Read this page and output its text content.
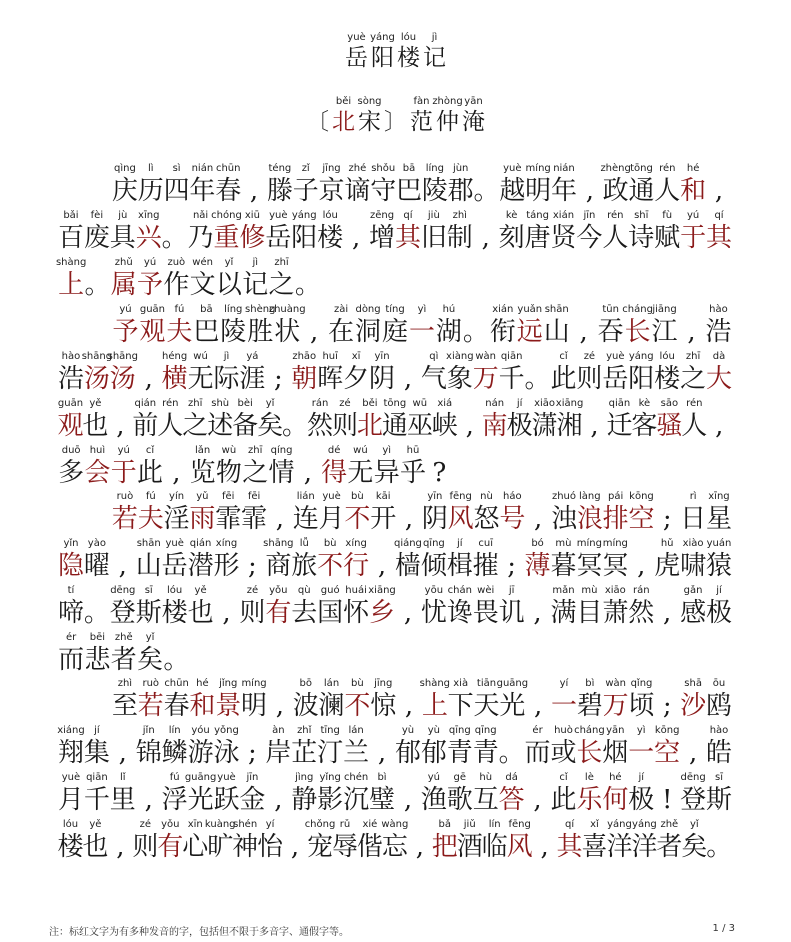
yuè
岳
yáng
阳
lóu
楼
jì
记
〔
běi
北
sòng
宋 〕
fàn
范
zhòng
仲
yān
淹
qìng
庆
lì
历
sì
四
nián
年
chūn
春 ,
téng
滕
zǐ
子
jīng
京
zhé
谪
shǒu
守
bā
巴
líng
陵
jùn
郡 。
yuè
越
míng
明
nián
年 ,
zhèng
政
tōng
通
rén
人
hé
和 ,
bǎi
百
fèi
废
jù
具
xīng
兴 。
nǎi
乃
chóng
重
xiū
修
yuè
岳
yáng
阳
lóu
楼 ,
zēng
增
qí
其
jiù
旧
zhì
制 ,
kè
刻
táng
唐
xián
贤
jīn
今
rén
人
shī
诗
fù
赋
yú
于
qí
其
shàng
上 。
zhǔ
属
yú
予
zuò
作
wén
文
yǐ
以
jì
记
zhī
之 。
yú
予
guān
观
fú
夫
bā
巴
líng
陵
shèng
胜
zhuàng
状 ,
zài
在
dòng
洞
tíng
庭
yì
一
hú
湖 。
xián
衔
yuǎn
远
shān
山 ,
tūn
吞
cháng
长
jiāng
江 ,
hào
浩
hào
浩
shāng
汤
shāng
汤 ,
héng
横
wú
无
jì
际
yá
涯 ;
zhāo
朝
huī
晖
xī
夕
yīn
阴 ,
qì
气
xiàng
象
wàn
万
qiān
千 。
cǐ
此
zé
则
yuè
岳
yáng
阳
lóu
楼
zhī
之
dà
大
guān
观
yě
也 ,
qián
前
rén
人
zhī
之
shù
述
bèi
备
yǐ
矣
。
rán
然
zé
则
běi
北
tōng
通
wū
巫
xiá
峡 ,
nán
南
jí
极
xiāo
潇
xiāng
湘 ,
qiān
迁
kè
客
sāo
骚
rén
人 ,
duō
多
huì
会
yú
于
cǐ
此 ,
lǎn
览
wù
物
zhī
之
qíng
情 ,
dé
得
wú
无
yì
异
hū
乎 ?
ruò
若
fú
夫
yín
淫
yǔ
雨
fēi
霏
fēi
霏 ,
lián
连
yuè
月
bù
不
kāi
开 ,
yīn
阴
fēng
风
nù
怒
háo
号 ,
zhuó
浊
làng
浪
pái
排
kōng
空 ;
rì
日
xīng
星
yǐn
隐
yào
曜 ,
shān
山
yuè
岳
qián
潜
xíng
形 ;
shāng
商
lǚ
旅
bù
不
xíng
行 ,
qiáng
樯
qīng
倾
jí
楫
cuī
摧 ;
bó
薄
mù
暮
míng
冥
míng
冥 ,
hǔ
虎
xiào
啸
yuán
猿
tí
啼 。
dēng
登
sī
斯
lóu
楼
yě
也 ,
zé
则
yǒu
有
qù
去
guó
国
huái
怀
xiāng
乡 ,
yōu
忧
chán
谗
wèi
畏
jī
讥 ,
mǎn
满
mù
目
xiāo
萧
rán
然 ,
gǎn
感
jí
极
ér
而
bēi
悲
zhě
者
yǐ
矣 。
zhì
至
ruò
若
chūn
春
hé
和
jǐng
景
míng
明 ,
bō
波
lán
澜
bù
不
jīng
惊 ,
shàng
上
xià
下
tiān
天
guāng
光 ,
yí
一
bì
碧
wàn
万
qǐng
顷 ;
shā
沙
ōu
鸥
xiáng
翔
jí
集 ,
jǐn
锦
lín
鳞
yóu
游
yǒng
泳 ;
àn
岸
zhǐ
芷
tīng
汀
lán
兰 ,
yù
郁
yù
郁
qīng
青
qīng
青 。
ér
而
huò
或
cháng
长
yān
烟
yì
一
kōng
空 ,
hào
皓
yuè
月
qiān
千
lǐ
里 ,
fú
浮
guāng
光
yuè
跃
jīn
金 ,
jìng
静
yǐng
影
chén
沉
bì
璧 ,
yú
渔
gē
歌
hù
互
dá
答 ,
cǐ
此
lè
乐
hé
何
jí
极 !
dēng
登
sī
斯
lóu
楼
yě
也 ,
zé
则
yǒu
有
xīn
心
kuàng
旷
shén
神
yí
怡 ,
chǒng
宠
rǔ
辱
xié
偕
wàng
忘 ,
bǎ
把
jiǔ
酒
lín
临
fēng
风 ,
qí
其
xǐ
喜
yáng
洋
yáng
洋
zhě
者
yǐ
矣
。
注：标红文字为有多种发音的字，包括但不限于多音字、通假字等。	1 / 3
